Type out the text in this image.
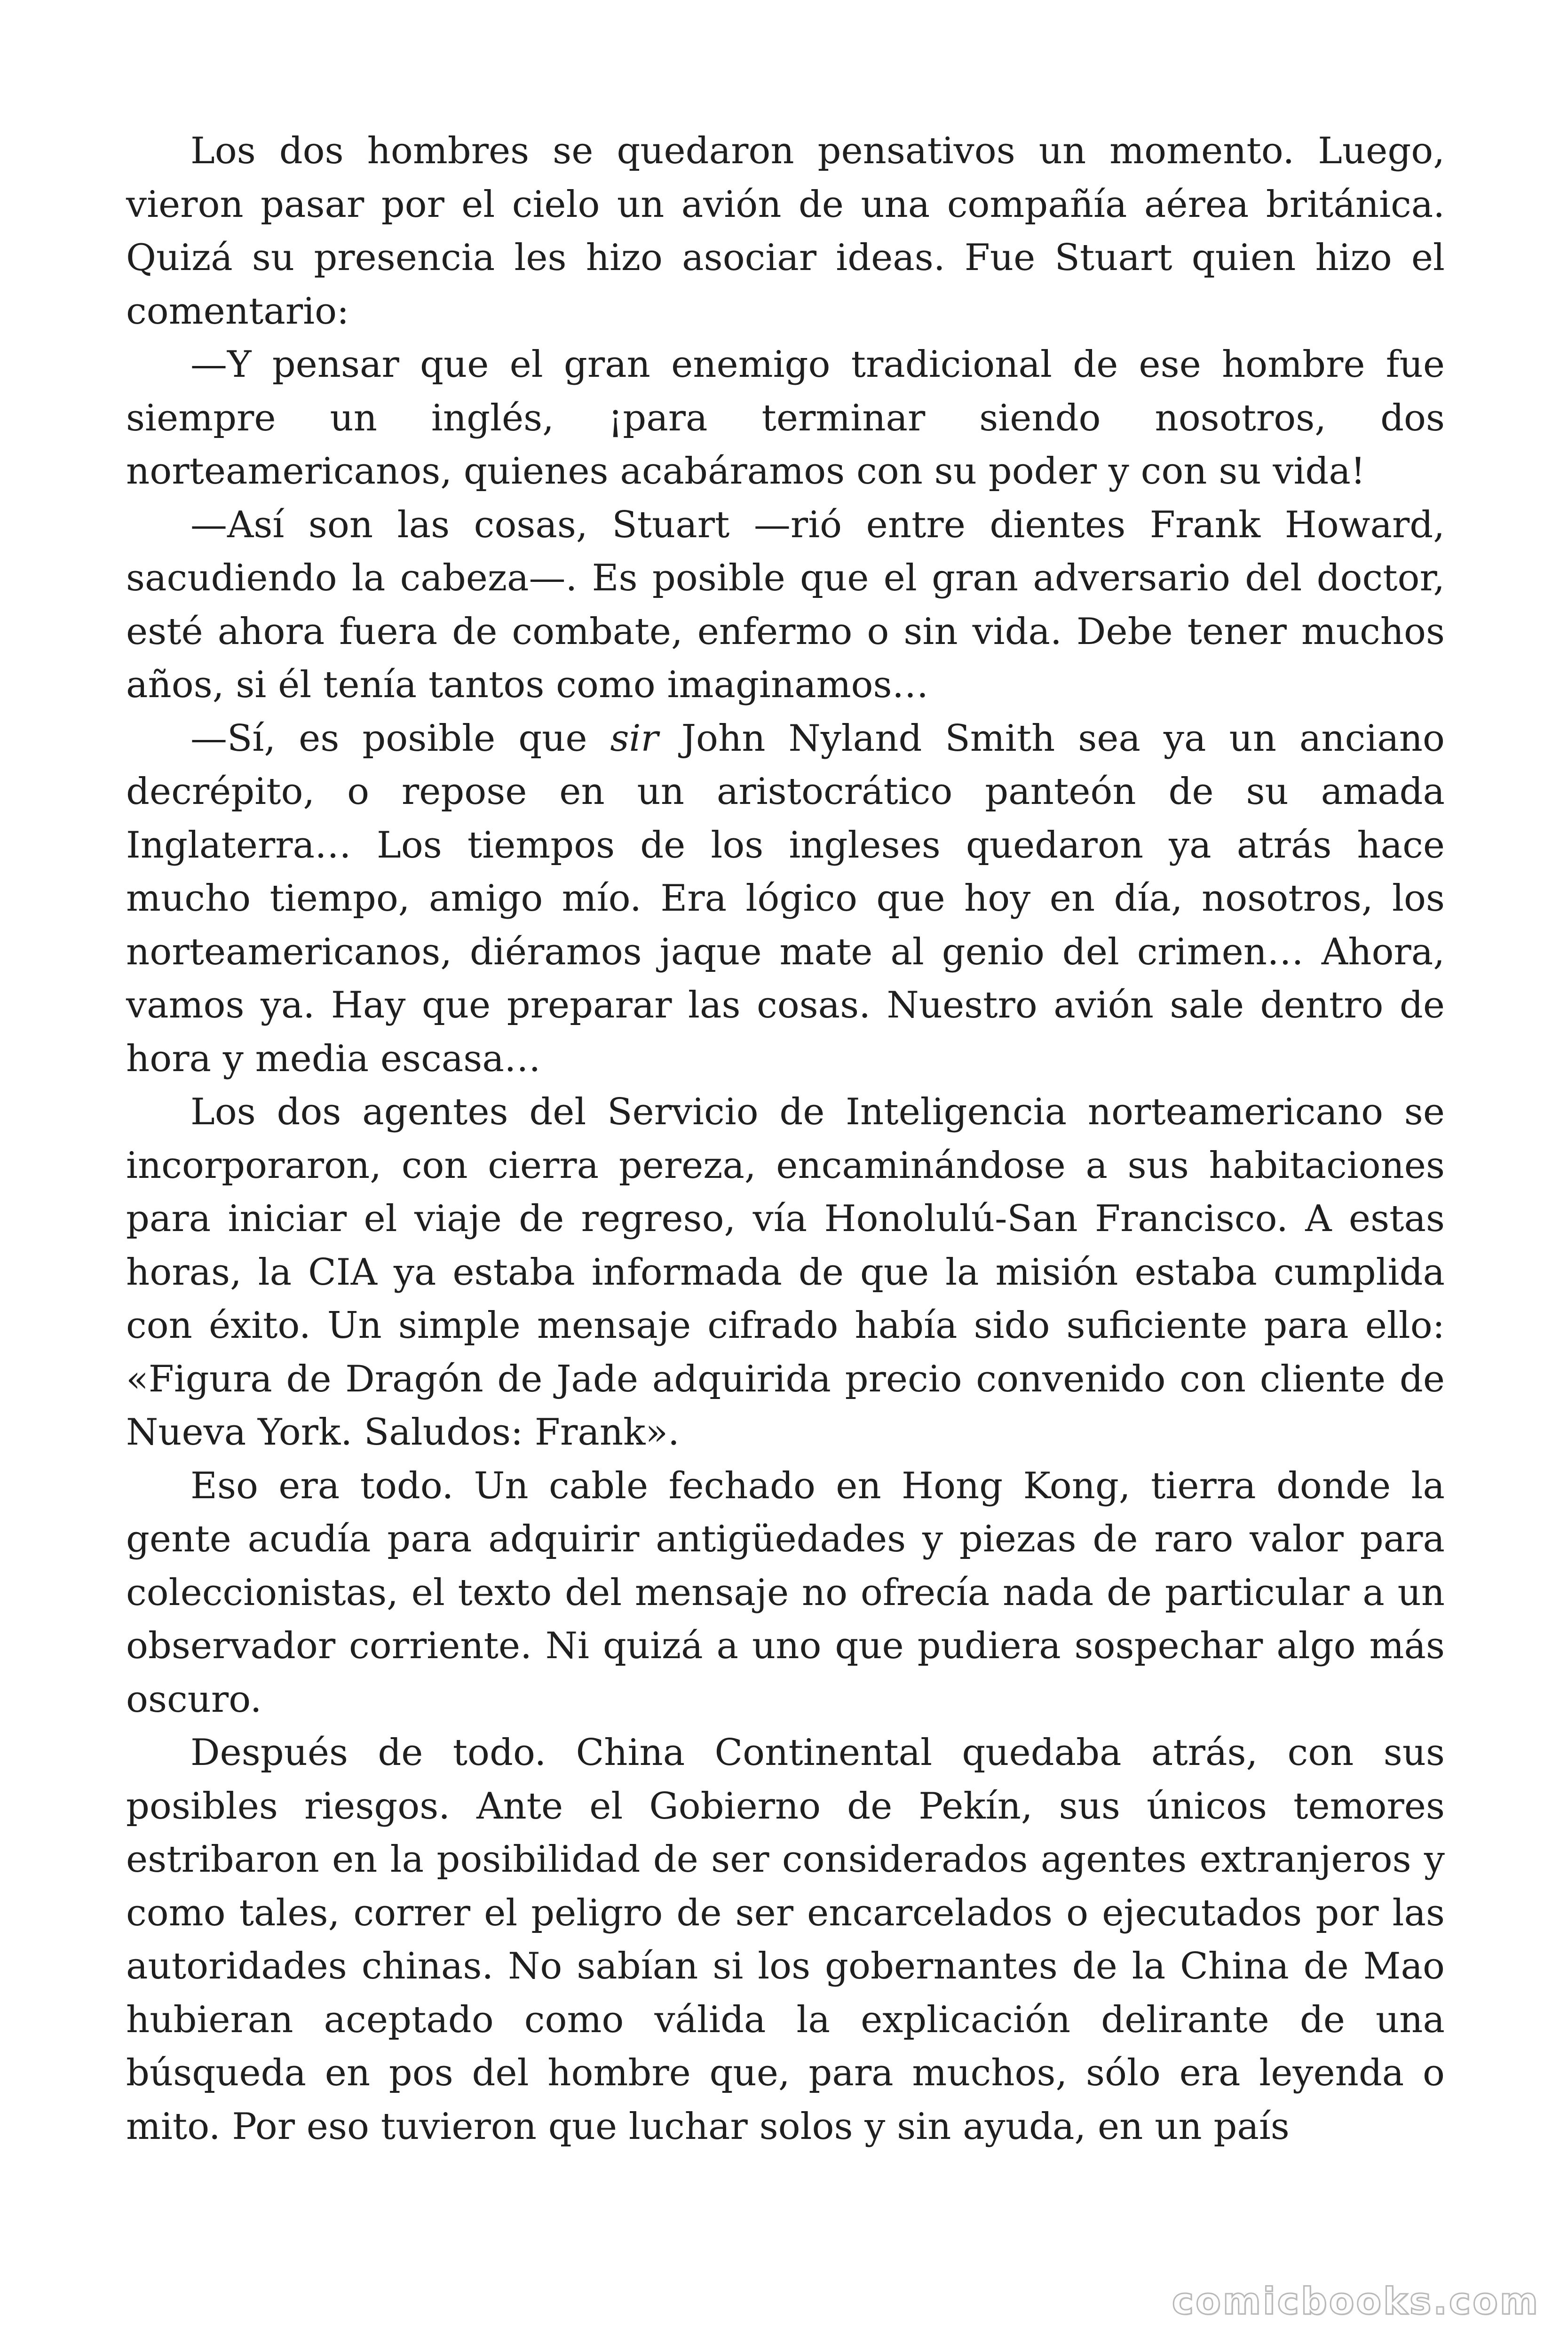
Los dos hombres se quedaron pensativos un momento. Luego, vieron pasar por el cielo un avión de una compañía aérea británica. Quizá su presencia les hizo asociar ideas. Fue Stuart quien hizo el comentario:

—Y pensar que el gran enemigo tradicional de ese hombre fue siempre un inglés, ¡para terminar siendo nosotros, dos norteamericanos, quienes acabáramos con su poder y con su vida!

—Así son las cosas, Stuart —rió entre dientes Frank Howard, sacudiendo la cabeza—. Es posible que el gran adversario del doctor, esté ahora fuera de combate, enfermo o sin vida. Debe tener muchos años, si él tenía tantos como imaginamos…

—Sí, es posible que sir John Nyland Smith sea ya un anciano decrépito, o repose en un aristocrático panteón de su amada Inglaterra… Los tiempos de los ingleses quedaron ya atrás hace mucho tiempo, amigo mío. Era lógico que hoy en día, nosotros, los norteamericanos, diéramos jaque mate al genio del crimen… Ahora, vamos ya. Hay que preparar las cosas. Nuestro avión sale dentro de hora y media escasa…

Los dos agentes del Servicio de Inteligencia norteamericano se incorporaron, con cierra pereza, encaminándose a sus habitaciones para iniciar el viaje de regreso, vía Honolulú-San Francisco. A estas horas, la CIA ya estaba informada de que la misión estaba cumplida con éxito. Un simple mensaje cifrado había sido suficiente para ello: «Figura de Dragón de Jade adquirida precio convenido con cliente de Nueva York. Saludos: Frank».

Eso era todo. Un cable fechado en Hong Kong, tierra donde la gente acudía para adquirir antigüedades y piezas de raro valor para coleccionistas, el texto del mensaje no ofrecía nada de particular a un observador corriente. Ni quizá a uno que pudiera sospechar algo más oscuro.

Después de todo. China Continental quedaba atrás, con sus posibles riesgos. Ante el Gobierno de Pekín, sus únicos temores estribaron en la posibilidad de ser considerados agentes extranjeros y como tales, correr el peligro de ser encarcelados o ejecutados por las autoridades chinas. No sabían si los gobernantes de la China de Mao hubieran aceptado como válida la explicación delirante de una búsqueda en pos del hombre que, para muchos, sólo era leyenda o mito. Por eso tuvieron que luchar solos y sin ayuda, en un país

comicbooks.com
